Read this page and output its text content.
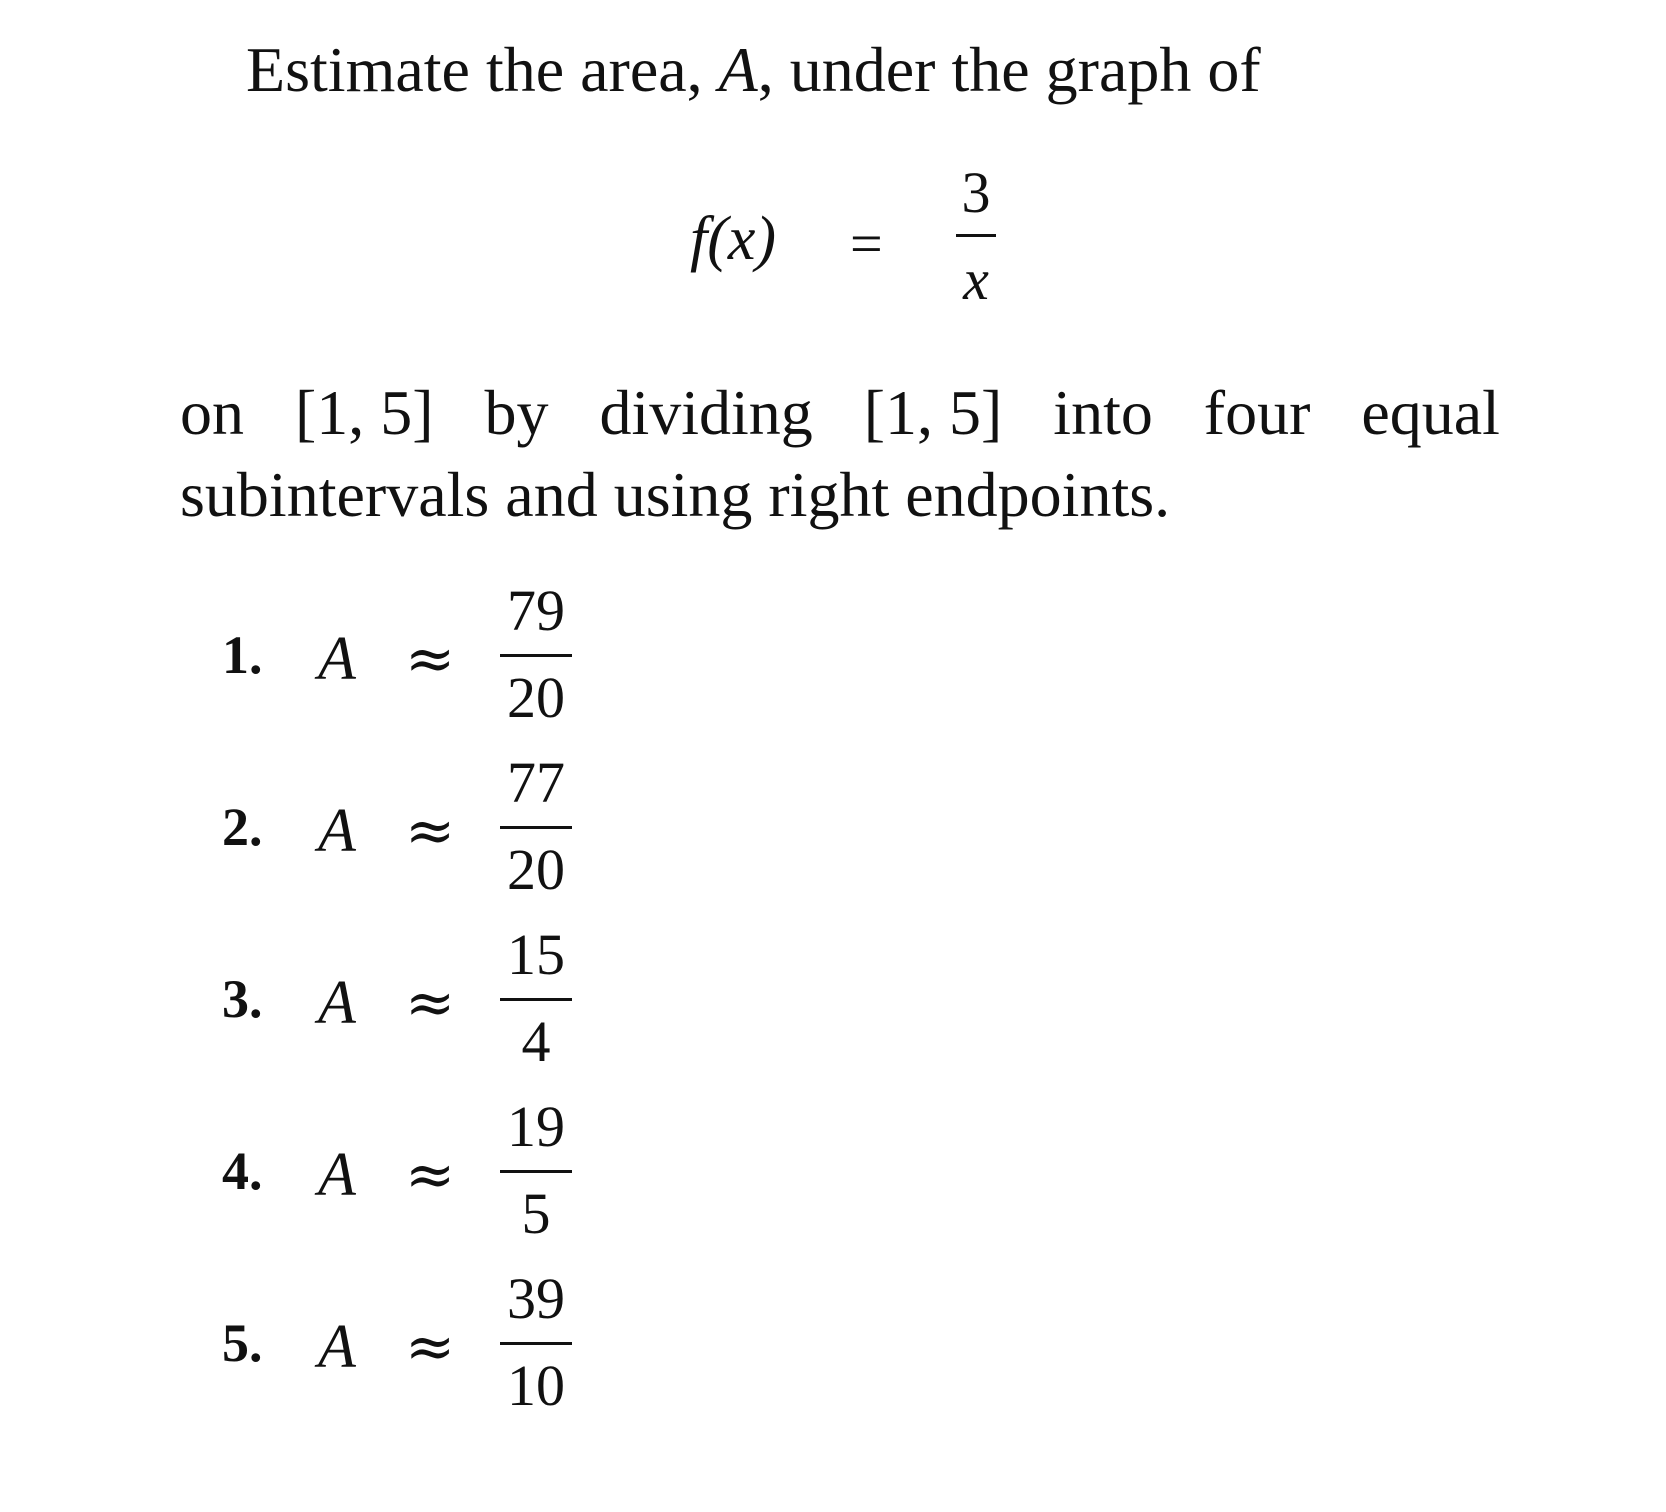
Estimate the area, A, under the graph of
f(x) =
3
x
on [1, 5] by dividing [1, 5] into four equal
subintervals and using right endpoints.
1. A ≈
79
20
2. A ≈
77
20
3. A ≈
15
4
4. A ≈
19
5
5. A ≈
39
10
